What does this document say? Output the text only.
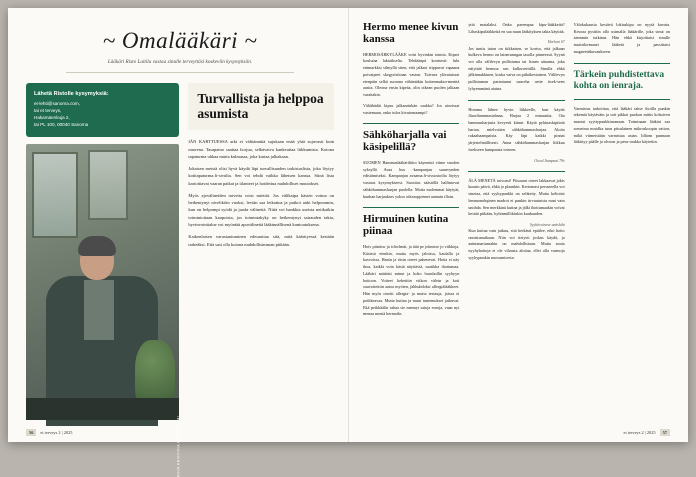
~ Omalääkäri ~
Lääkäri Risto Laitila vastaa sinulle terveyttäsi koskeviin kysymyksiin.
Lähetä Ristolle kysymyksiä:
et-lehti@sanoma.com,
tai et terveys,
Hakamäenkuja 2,
tai PL 100, 00040 Sanoma
KUVA KRISTIINA KONTONIEMI
Turvallista ja helppoa asumista

IÄN KARTTUESSA arki ei välttämättä sujukaan enää yhtä sujuvasti kuin nuorena. Tasapaino saattaa horjua, selkävaiva kankeuttaa liikkumista. Kotona tapaturma uhkaa mutta kulmassa, joka kartaa jalkakaan.

Jokaisen meistä olisi hyvä käydä läpi turvallisuuden tarkistuslista, joka löytyy kotitapaturma.fi-sivulta. Sen voi tehdä vaikka läheisen kanssa. Siinä lista kartoittavat vaaran paikat ja tilanteet ja hoidettua mahdolliset muutokset.

Myös ajovälineiden tarvetta voisi miettiä. Jos välikaipa käsien voima on heikentynyt niveliköin vuoksi, leviän saa leikattua ja puikot auki helpommin, kun on helpompi syödä ja juoda välineitä. Niitä voi hankkia useista netikaikin toimintoitaan kaupoista, jos toimintakyky on heikentynyt sairauden takia, hyvinvointialue voi myöntää apuvälineitä lääkinnällisenä kuntoutuksena.

Kaikenlaisen varustautuminen edesauttaa sitä, mitä käärityessä kestään tarkeäksi. Että sasi olla kotona mahdollisimman pitkään.

56	et terveys 2 | 2025
Hermo menee kivun kanssa

HERMOSÄRKYLÄÄKE voisi hyvinkin toimia. Kipsei koulutaa lakiaikselta. Tehdäänpä kontsesti: lulu enimarkksi silmyllä siten, että jalkasi riippuvat vapaana potvaipeet skegyrisiitaan vaston. Tuivura ylöratuissat etenpäin selkä suorana vähäntäkin koitenmaksu-menttä aastta. Oleona ensin kipeäa, olin oikean puolen jalkaan varattakin.

Väläthädät kipsu jalkanrinkän saakka? Jos uinrissat vastemaan, onko tulos kivutomaampi?

Sähköharjalla vai käsipelillä?

SUOMEN Hammaslääkäriliitto käynnisti viime vuoden syksyllä Avaa hus -kampanjan suunvynden edistämiseksi. Kampanjan avaama.fi-sivuostoilta löytyy vastaus kysymykseesi. Suositus säästöllä hallintovat sähköhammasharjan puolella: Motta molemmat käytyät, kunhan harjaukses yokso oikeaoppinnet aamuin illoin.

Hirmuinen kutina piinaa

Hoiv piinäsw ja ichwlmät, ja tätä pe jokeutse jo viikkoja. Käsissä etenkin, mutta myös jaloissa, kaulalla ja kasvoissa. Hanin ja öisin oireet pahenevat. Hoita ei näy ihoa, kaikki voin käsiä näyttäviä, saatikka ihottumaa. Lääkäri määräsi minut ja koko huushollin syyhyyn hoitoon. Voiteet kehettiin viikon välein ja koti suuvoitettiin aatoa myöten, jähhuhdoksi allergiälääkkeet. Hän myös otsetti allergia- ja muita testauja, joissa ei poikkeavaa. Mutta kutina ja muut tuntemukset jatkuvat. Ekä peikkäälär rahaa sie mennyt satoja euroja, vaan nyt menaa meniä hermoiln.

yttä matalaksi. Onko parempaa kipu-lääkkeitä? Lihaskipulääkkeitä en saa nuun lääkityksen takia käyttää.

Harlani 67

Jos tuntis tuion on tiikkaisen, se kortso, että jalkaan kulkeva hermo on lainerunngan tasolla pinneessä. Syynä voi olla välilevyn pullistuma tai lsinen aituama, joka näiyttää hermoa sen kulkuveittillä. Sinulla ehkä jälkinnakkinen, koska vaiva on pitkäkestoinen. Välilevyn pullistuman parantunut suureha oette itsek-seen lyhyemmänä aiaina.

Homma lähtee hyvin liikkeelle, kun käytät fluorihammastahnaa. Harjaa 2 minuuttia. Ota hammasharjasta kevyesti kiinni. Käytä pyhinaskipiintä hartaa, mielvuiten sähköhammasharjaa. Aloita rakaahaampaista. Käy läpi kaikki pinnat järjestelmällisesti. Anna sähköhammasharjan liikkua itsekseen hampaasta toiseen.

Oiwal Itampaat 78v

ÄLÄ MENETÄ toivoasi! Pitsaarat oireet lakkaavat jokis kuusin päivä, ehkä jo plaankin. Kertomasi perusteella voi sinetaa, että syyhypunkki on selätetty. Mutta keltoisit lemmonohqinen madrot ei punkin tirvuutuista nuni vain unohda. Sen merkkinä kutina ja jälki ihottumaakin voivat kestää pitkään, hyhinmillikäskin kuukauden.

Syyhtivuinese anäshiht

Kun kutina vain jatkuu, sitä herkästi epäilee, eikö hoito onnistunutkaan. Niin voi tietysti joskus käydä, ja aaintanartanrakin on mahdollistaan. Mutta suuta nyyhyhoitoja ei ole viloasta aloitaa, ellei olla varmoja syyhypunkin nuosumisesta.

Välokukausia kestävä lokiaskipu on nyytä kuvata. Kesoaa pysitiin ollo usimalla lääkärille, joka sinut on aiemmin tutkinut. Hän ehkä kirjoittaisi sinulle maistrlormaaei lääketä ja passittaisi magneettikuvaukseen.

Tärkein puhdistettava kohta on ienraja.

Varmistus tarkoittaa, että lääkäri takse ihoilla punkin tekemiä käytäväin ja soit pikkoi puokon mittis kohoiven muotat syyttypunkkinsanaan. Toiminaan lääkäri saa sometraa nosidka tuon pitsulainen mikroskoopin vaiton, mikä viimeistään varmistaa asian. Idliom punnaan läikittyy päälle ja olvoon ja pesu-orakka käytetiin.

et terveys 2 | 2025	57
